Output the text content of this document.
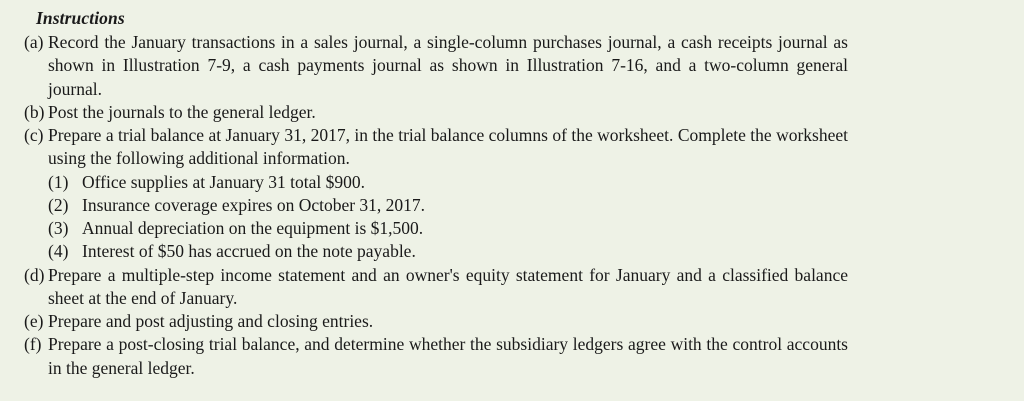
Instructions
(a) Record the January transactions in a sales journal, a single-column purchases journal, a cash receipts journal as shown in Illustration 7-9, a cash payments journal as shown in Illustration 7-16, and a two-column general journal.
(b) Post the journals to the general ledger.
(c) Prepare a trial balance at January 31, 2017, in the trial balance columns of the worksheet. Complete the worksheet using the following additional information.
(1) Office supplies at January 31 total $900.
(2) Insurance coverage expires on October 31, 2017.
(3) Annual depreciation on the equipment is $1,500.
(4) Interest of $50 has accrued on the note payable.
(d) Prepare a multiple-step income statement and an owner's equity statement for January and a classified balance sheet at the end of January.
(e) Prepare and post adjusting and closing entries.
(f) Prepare a post-closing trial balance, and determine whether the subsidiary ledgers agree with the control accounts in the general ledger.
